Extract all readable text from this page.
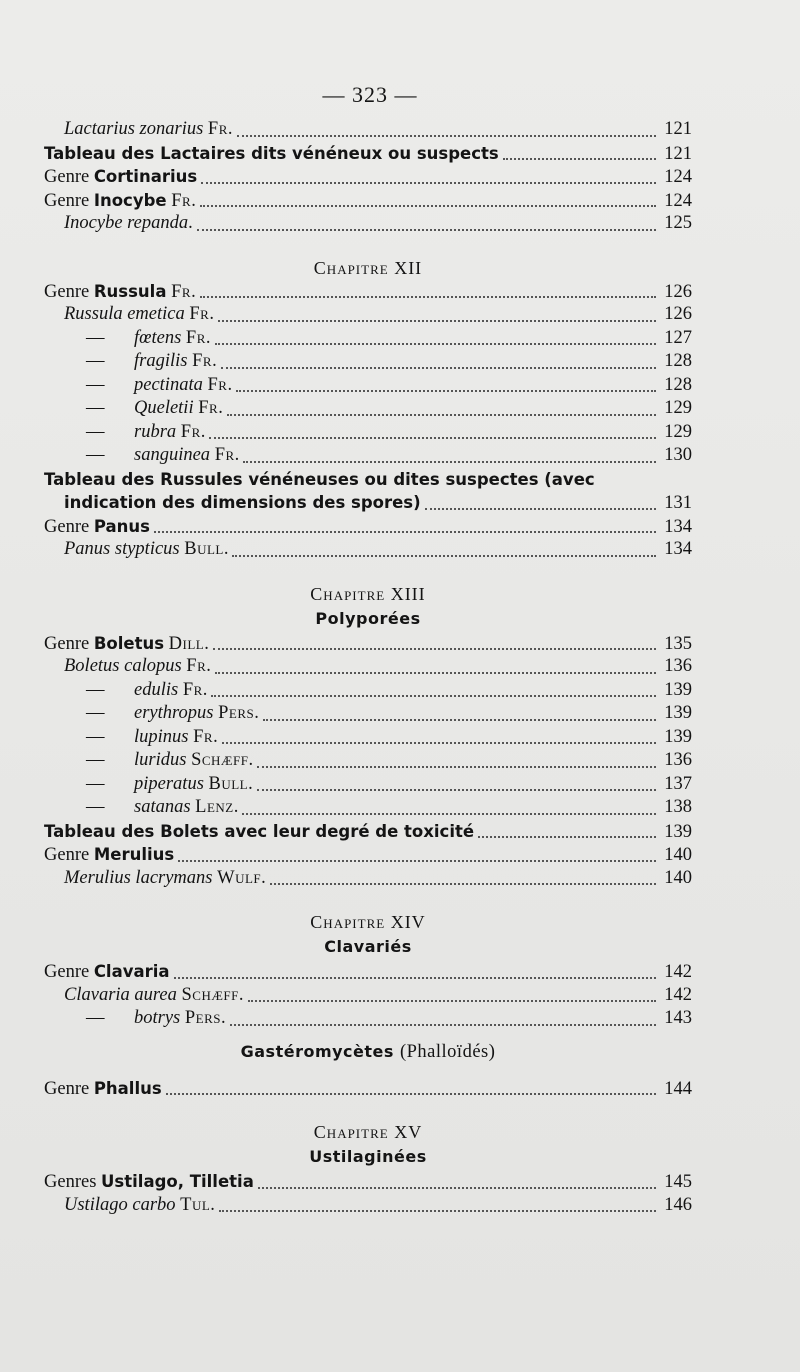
— 323 —
Lactarius zonarius Fr.	121
Tableau des Lactaires dits vénéneux ou suspects	121
Genre Cortinarius	124
Genre Inocybe Fr.	124
Inocybe repanda.	125
Chapitre XII
Genre Russula Fr.	126
Russula emetica Fr.	126
— fœtens Fr.	127
— fragilis Fr.	128
— pectinata Fr.	128
— Queletii Fr.	129
— rubra Fr.	129
— sanguinea Fr.	130
Tableau des Russules vénéneuses ou dites suspectes (avec
indication des dimensions des spores)	131
Genre Panus	134
Panus stypticus Bull.	134
Chapitre XIII
Polyporées
Genre Boletus Dill.	135
Boletus calopus Fr.	136
— edulis Fr.	139
— erythropus Pers.	139
— lupinus Fr.	139
— luridus Schæff.	136
— piperatus Bull.	137
— satanas Lenz.	138
Tableau des Bolets avec leur degré de toxicité	139
Genre Merulius	140
Merulius lacrymans Wulf.	140
Chapitre XIV
Clavariés
Genre Clavaria	142
Clavaria aurea Schæff.	142
— botrys Pers.	143
Gastéromycètes (Phalloïdés)
Genre Phallus	144
Chapitre XV
Ustilaginées
Genres Ustilago, Tilletia	145
Ustilago carbo Tul.	146
